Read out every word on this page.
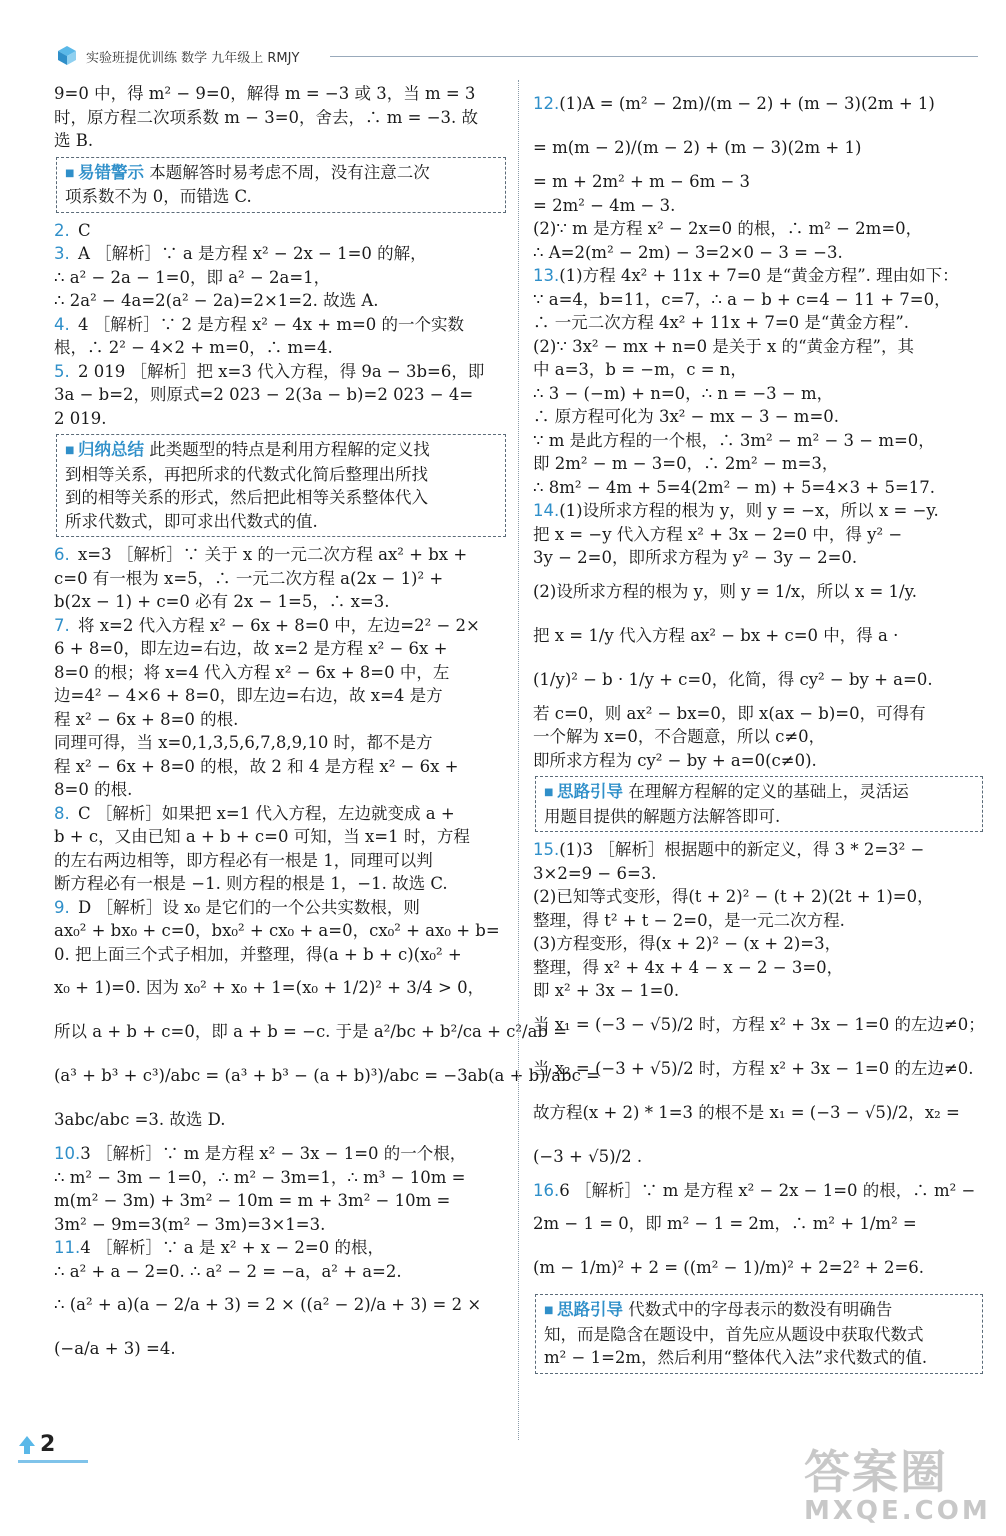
实验班提优训练 数学 九年级上 RMJY
9=0 中，得 m² − 9=0，解得 m = −3 或 3，当 m = 3
时，原方程二次项系数 m − 3=0，舍去，∴ m = −3. 故
选 B.
■ 易错警示 本题解答时易考虑不周，没有注意二次
项系数不为 0，而错选 C.
2. C
3. A ［解析］∵ a 是方程 x² − 2x − 1=0 的解，
∴ a² − 2a − 1=0，即 a² − 2a=1，
∴ 2a² − 4a=2(a² − 2a)=2×1=2. 故选 A.
4. 4 ［解析］∵ 2 是方程 x² − 4x + m=0 的一个实数
根，∴ 2² − 4×2 + m=0，∴ m=4.
5. 2 019 ［解析］把 x=3 代入方程，得 9a − 3b=6，即
3a − b=2，则原式=2 023 − 2(3a − b)=2 023 − 4=
2 019.
■ 归纳总结 此类题型的特点是利用方程解的定义找
到相等关系，再把所求的代数式化简后整理出所找
到的相等关系的形式，然后把此相等关系整体代入
所求代数式，即可求出代数式的值.
6. x=3 ［解析］∵ 关于 x 的一元二次方程 ax² + bx +
c=0 有一根为 x=5，∴ 一元二次方程 a(2x − 1)² +
b(2x − 1) + c=0 必有 2x − 1=5，∴ x=3.
7. 将 x=2 代入方程 x² − 6x + 8=0 中，左边=2² − 2×
6 + 8=0，即左边=右边，故 x=2 是方程 x² − 6x +
8=0 的根；将 x=4 代入方程 x² − 6x + 8=0 中，左
边=4² − 4×6 + 8=0，即左边=右边，故 x=4 是方
程 x² − 6x + 8=0 的根.
同理可得，当 x=0,1,3,5,6,7,8,9,10 时，都不是方
程 x² − 6x + 8=0 的根，故 2 和 4 是方程 x² − 6x +
8=0 的根.
8. C ［解析］如果把 x=1 代入方程，左边就变成 a +
b + c，又由已知 a + b + c=0 可知，当 x=1 时，方程
的左右两边相等，即方程必有一根是 1，同理可以判
断方程必有一根是 −1. 则方程的根是 1，−1. 故选 C.
9. D ［解析］设 x₀ 是它们的一个公共实数根，则
ax₀² + bx₀ + c=0，bx₀² + cx₀ + a=0，cx₀² + ax₀ + b=
0. 把上面三个式子相加，并整理，得(a + b + c)(x₀² +
x₀ + 1)=0. 因为 x₀² + x₀ + 1=(x₀ + 1/2)² + 3/4 > 0，
所以 a + b + c=0，即 a + b = −c. 于是 a²/bc + b²/ca + c²/ab =
(a³ + b³ + c³)/abc = (a³ + b³ − (a + b)³)/abc = −3ab(a + b)/abc =
3abc/abc =3. 故选 D.
10.3 ［解析］∵ m 是方程 x² − 3x − 1=0 的一个根，
∴ m² − 3m − 1=0，∴ m² − 3m=1，∴ m³ − 10m =
m(m² − 3m) + 3m² − 10m = m + 3m² − 10m =
3m² − 9m=3(m² − 3m)=3×1=3.
11.4 ［解析］∵ a 是 x² + x − 2=0 的根，
∴ a² + a − 2=0. ∴ a² − 2 = −a，a² + a=2.
∴ (a² + a)(a − 2/a + 3) = 2 × ((a² − 2)/a + 3) = 2 ×
(−a/a + 3) =4.
12.(1)A = (m² − 2m)/(m − 2) + (m − 3)(2m + 1)
= m(m − 2)/(m − 2) + (m − 3)(2m + 1)
= m + 2m² + m − 6m − 3
= 2m² − 4m − 3.
(2)∵ m 是方程 x² − 2x=0 的根，∴ m² − 2m=0，
∴ A=2(m² − 2m) − 3=2×0 − 3 = −3.
13.(1)方程 4x² + 11x + 7=0 是“黄金方程”. 理由如下：
∵ a=4，b=11，c=7，∴ a − b + c=4 − 11 + 7=0，
∴ 一元二次方程 4x² + 11x + 7=0 是“黄金方程”.
(2)∵ 3x² − mx + n=0 是关于 x 的“黄金方程”，其
中 a=3，b = −m，c = n，
∴ 3 − (−m) + n=0，∴ n = −3 − m，
∴ 原方程可化为 3x² − mx − 3 − m=0.
∵ m 是此方程的一个根，∴ 3m² − m² − 3 − m=0，
即 2m² − m − 3=0，∴ 2m² − m=3，
∴ 8m² − 4m + 5=4(2m² − m) + 5=4×3 + 5=17.
14.(1)设所求方程的根为 y，则 y = −x，所以 x = −y.
把 x = −y 代入方程 x² + 3x − 2=0 中，得 y² −
3y − 2=0，即所求方程为 y² − 3y − 2=0.
(2)设所求方程的根为 y，则 y = 1/x，所以 x = 1/y.
把 x = 1/y 代入方程 ax² − bx + c=0 中，得 a ·
(1/y)² − b · 1/y + c=0，化简，得 cy² − by + a=0.
若 c=0，则 ax² − bx=0，即 x(ax − b)=0，可得有
一个解为 x=0，不合题意，所以 c≠0，
即所求方程为 cy² − by + a=0(c≠0).
■ 思路引导 在理解方程解的定义的基础上，灵活运
用题目提供的解题方法解答即可.
15.(1)3 ［解析］根据题中的新定义，得 3 * 2=3² −
3×2=9 − 6=3.
(2)已知等式变形，得(t + 2)² − (t + 2)(2t + 1)=0，
整理，得 t² + t − 2=0，是一元二次方程.
(3)方程变形，得(x + 2)² − (x + 2)=3，
整理，得 x² + 4x + 4 − x − 2 − 3=0，
即 x² + 3x − 1=0.
当 x₁ = (−3 − √5)/2 时，方程 x² + 3x − 1=0 的左边≠0；
当 x₂ = (−3 + √5)/2 时，方程 x² + 3x − 1=0 的左边≠0.
故方程(x + 2) * 1=3 的根不是 x₁ = (−3 − √5)/2，x₂ =
(−3 + √5)/2 .
16.6 ［解析］∵ m 是方程 x² − 2x − 1=0 的根，∴ m² −
2m − 1 = 0，即 m² − 1 = 2m，∴ m² + 1/m² =
(m − 1/m)² + 2 = ((m² − 1)/m)² + 2=2² + 2=6.
■ 思路引导 代数式中的字母表示的数没有明确告
知，而是隐含在题设中，首先应从题设中获取代数式
m² − 1=2m，然后利用“整体代入法”求代数式的值.
2
答案圈
MXQE.COM
